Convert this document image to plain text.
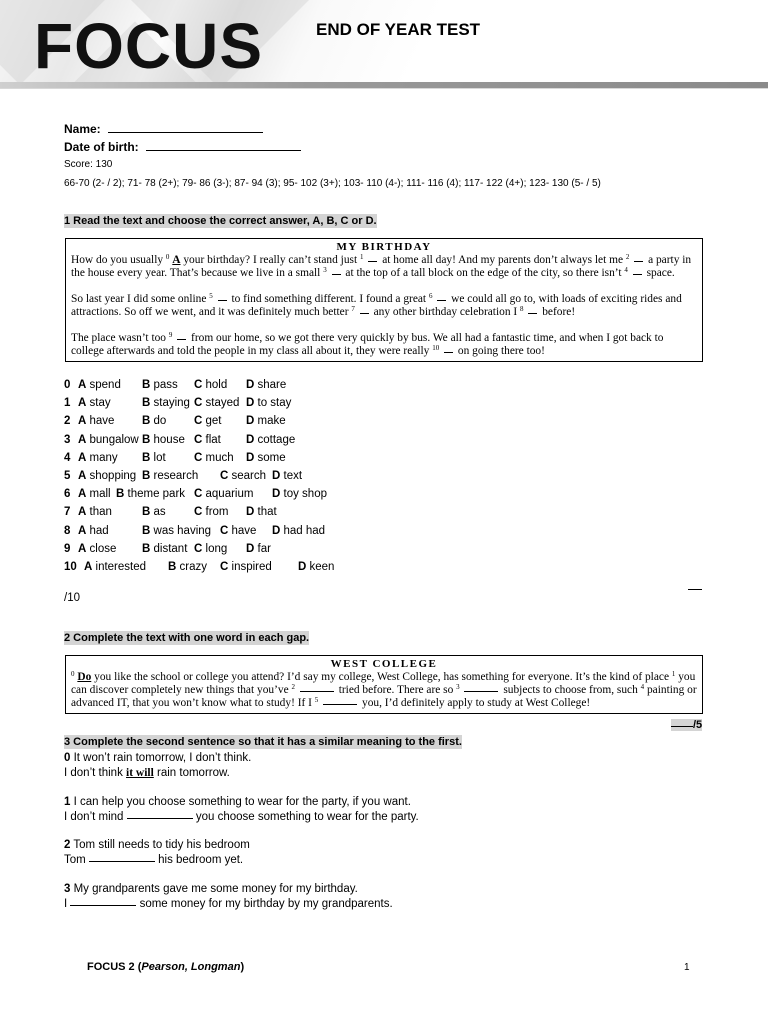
FOCUS	END OF YEAR TEST
Name:
Date of birth:
Score: 130
66-70 (2- / 2); 71- 78 (2+); 79- 86 (3-); 87- 94 (3); 95- 102 (3+); 103- 110 (4-); 111- 116 (4); 117- 122 (4+); 123- 130 (5- / 5)
1 Read the text and choose the correct answer, A, B, C or D.
MY BIRTHDAY

How do you usually $^0$ A your birthday? I really can’t stand just $^1$  at home all day! And my parents don’t always let me $^2$  a party in the house every year. That’s because we live in a small $^3$  at the top of a tall block on the edge of the city, so there isn’t $^4$  space.

So last year I did some online $^5$  to find something different. I found a great $^6$  we could all go to, with loads of exciting rides and attractions. So off we went, and it was definitely much better $^7$  any other birthday celebration I $^8$  before!

The place wasn’t too $^9$  from our home, so we got there very quickly by bus. We all had a fantastic time, and when I got back to college afterwards and told the people in my class all about it, they were really $^{10}$  on going there too!

0 A spend B pass C hold D share
1 A stay	B staying C stayed D to stay
2 A have B do C get D make
3 A bungalow B house C flat D cottage
4 A many B lot C much D some
5 A shopping B research C search D text
6 A mall B theme park C aquarium D toy shop
7 A than	B as C from D that
8 A had	B was having C have D had had
9 A close B distant C long D far
10 A interested B crazy C inspired D keen
/10
2 Complete the text with one word in each gap.
WEST COLLEGE

$^0$ Do you like the school or college you attend? I’d say my college, West College, has something for everyone. It’s the kind of place $^1$ you can discover completely new things that you’ve $^2$	tried before. There are so $^3$	subjects to choose from, such $^4$ painting or advanced IT, that you won’t know what to study! If I $^5$	you, I’d definitely apply to study at West College!

/5
3 Complete the second sentence so that it has a similar meaning to the first.
0 It won’t rain tomorrow, I don’t think.
I don’t think it will rain tomorrow.
1 I can help you choose something to wear for the party, if you want.
I don’t mind	you choose something to wear for the party.
2 Tom still needs to tidy his bedroom
Tom	his bedroom yet.
3 My grandparents gave me some money for my birthday.
I	some money for my birthday by my grandparents.
FOCUS 2 (Pearson, Longman)	1
